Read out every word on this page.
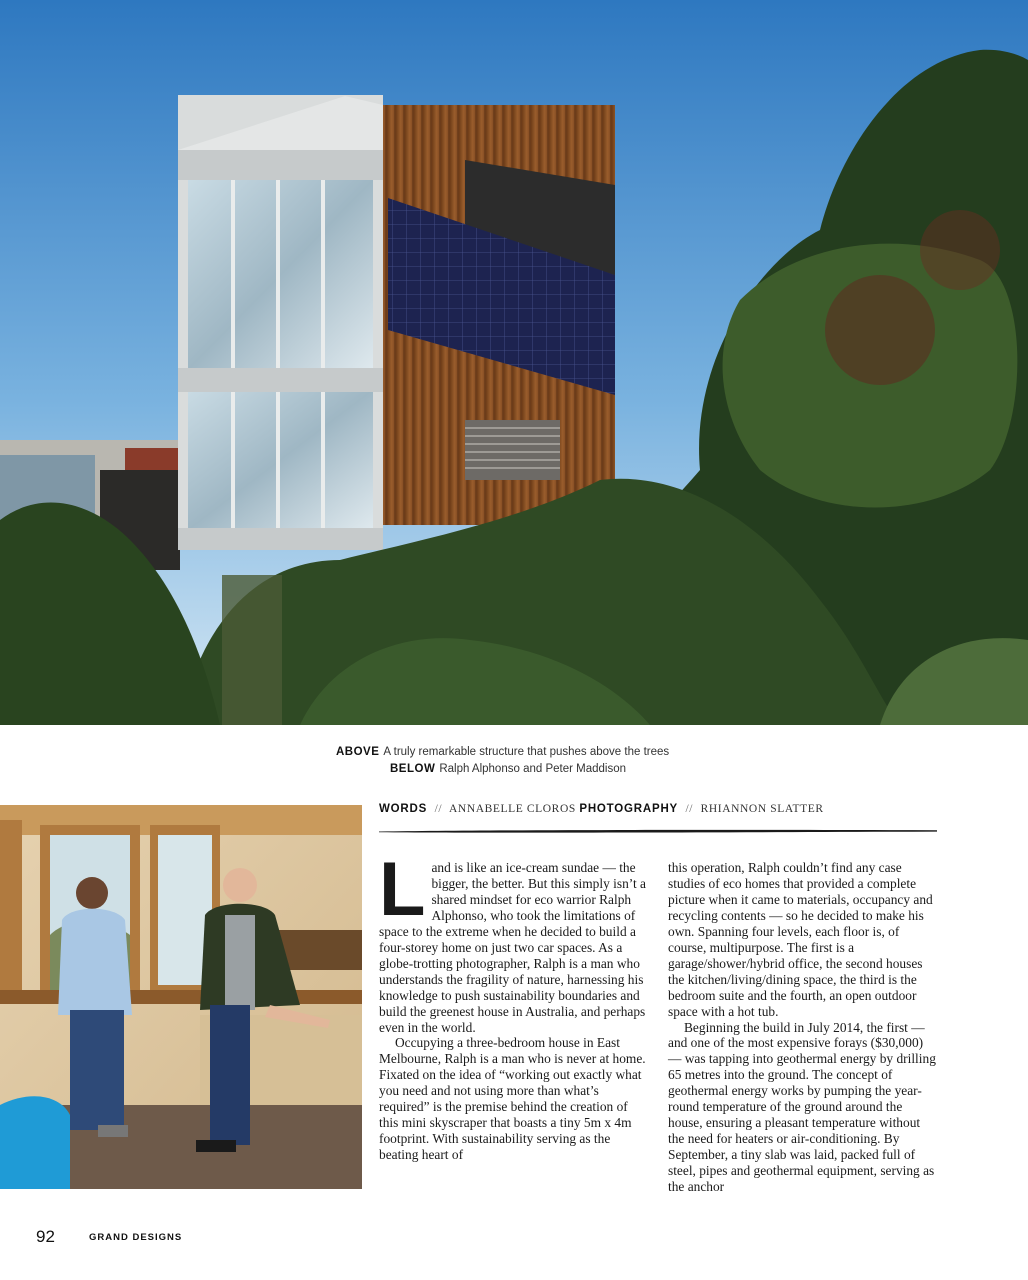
ABOVE A truly remarkable structure that pushes above the trees
BELOW Ralph Alphonso and Peter Maddison
WORDS // ANNABELLE CLOROS PHOTOGRAPHY // RHIANNON SLATTER

Land is like an ice-cream sundae — the bigger, the better. But this simply isn’t a shared mindset for eco warrior Ralph Alphonso, who took the limitations of space to the extreme when he decided to build a four-storey home on just two car spaces. As a globe-trotting photographer, Ralph is a man who understands the fragility of nature, harnessing his knowledge to push sustainability boundaries and build the greenest house in Australia, and perhaps even in the world.

Occupying a three-bedroom house in East Melbourne, Ralph is a man who is never at home. Fixated on the idea of “working out exactly what you need and not using more than what’s required” is the premise behind the creation of this mini skyscraper that boasts a tiny 5m x 4m footprint. With sustainability serving as the beating heart of

this operation, Ralph couldn’t find any case studies of eco homes that provided a complete picture when it came to materials, occupancy and recycling contents — so he decided to make his own. Spanning four levels, each floor is, of course, multipurpose. The first is a garage/shower/hybrid office, the second houses the kitchen/living/dining space, the third is the bedroom suite and the fourth, an open outdoor space with a hot tub.

Beginning the build in July 2014, the first — and one of the most expensive forays ($30,000) — was tapping into geothermal energy by drilling 65 metres into the ground. The concept of geothermal energy works by pumping the year-round temperature of the ground around the house, ensuring a pleasant temperature without the need for heaters or air-conditioning. By September, a tiny slab was laid, packed full of steel, pipes and geothermal equipment, serving as the anchor

92	GRAND DESIGNS
